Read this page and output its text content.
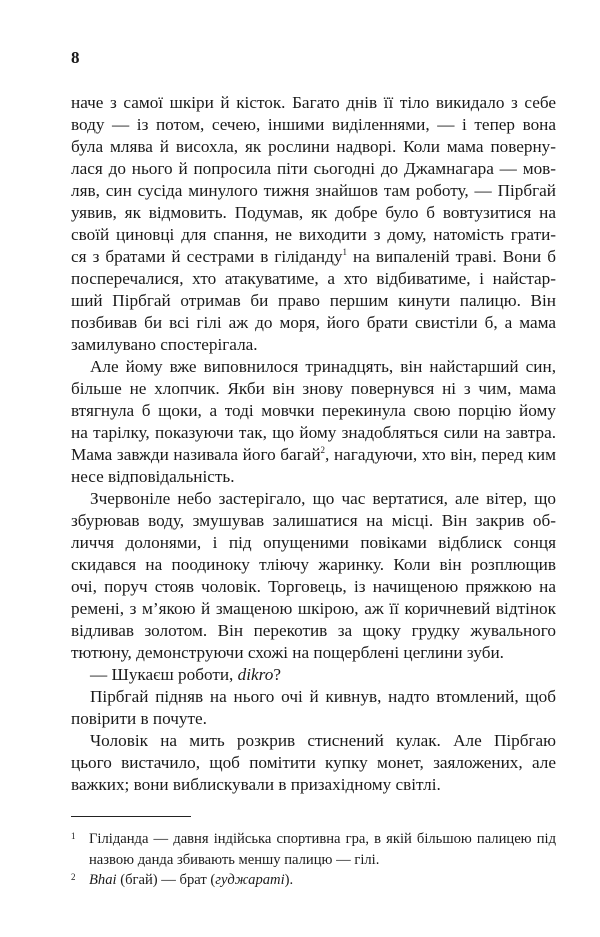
8
наче з самої шкіри й кісток. Багато днів її тіло викидало з себе
воду — із потом, сечею, іншими виділеннями, — і тепер вона
була млява й висохла, як рослини надворі. Коли мама поверну-
лася до нього й попросила піти сьогодні до Джамнагара — мов-
ляв, син сусіда минулого тижня знайшов там роботу, — Пірбгай
уявив, як відмовить. Подумав, як добре було б вовтузитися на
своїй циновці для спання, не виходити з дому, натомість грати-
ся з братами й сестрами в гіліданду$^1$ на випаленій траві. Вони б
посперечалися, хто атакуватиме, а хто відбиватиме, і найстар-
ший Пірбгай отримав би право першим кинути палицю. Він
позбивав би всі гілі аж до моря, його брати свистіли б, а мама
замилувано спостерігала.
Але йому вже виповнилося тринадцять, він найстарший син,
більше не хлопчик. Якби він знову повернувся ні з чим, мама
втягнула б щоки, а тоді мовчки перекинула свою порцію йому
на тарілку, показуючи так, що йому знадобляться сили на завтра.
Мама завжди називала його багай$^2$, нагадуючи, хто він, перед ким
несе відповідальність.
Зчервоніле небо застерігало, що час вертатися, але вітер, що
збурював воду, змушував залишатися на місці. Він закрив об-
личчя долонями, і під опущеними повіками відблиск сонця
скидався на поодиноку тліючу жаринку. Коли він розплющив
очі, поруч стояв чоловік. Торговець, із начищеною пряжкою на
ремені, з м’якою й змащеною шкірою, аж її коричневий відтінок
відливав золотом. Він перекотив за щоку грудку жувального
тютюну, демонструючи схожі на пощерблені цеглини зуби.
— Шукаєш роботи, dikro?
Пірбгай підняв на нього очі й кивнув, надто втомлений, щоб
повірити в почуте.
Чоловік на мить розкрив стиснений кулак. Але Пірбгаю
цього вистачило, щоб помітити купку монет, заяложених, але
важких; вони виблискували в призахідному світлі.
1 Гіліданда — давня індійська спортивна гра, в якій більшою палицею під
назвою данда збивають меншу палицю — гілі.
2 Bhai (бгай) — брат (гуджараті).
